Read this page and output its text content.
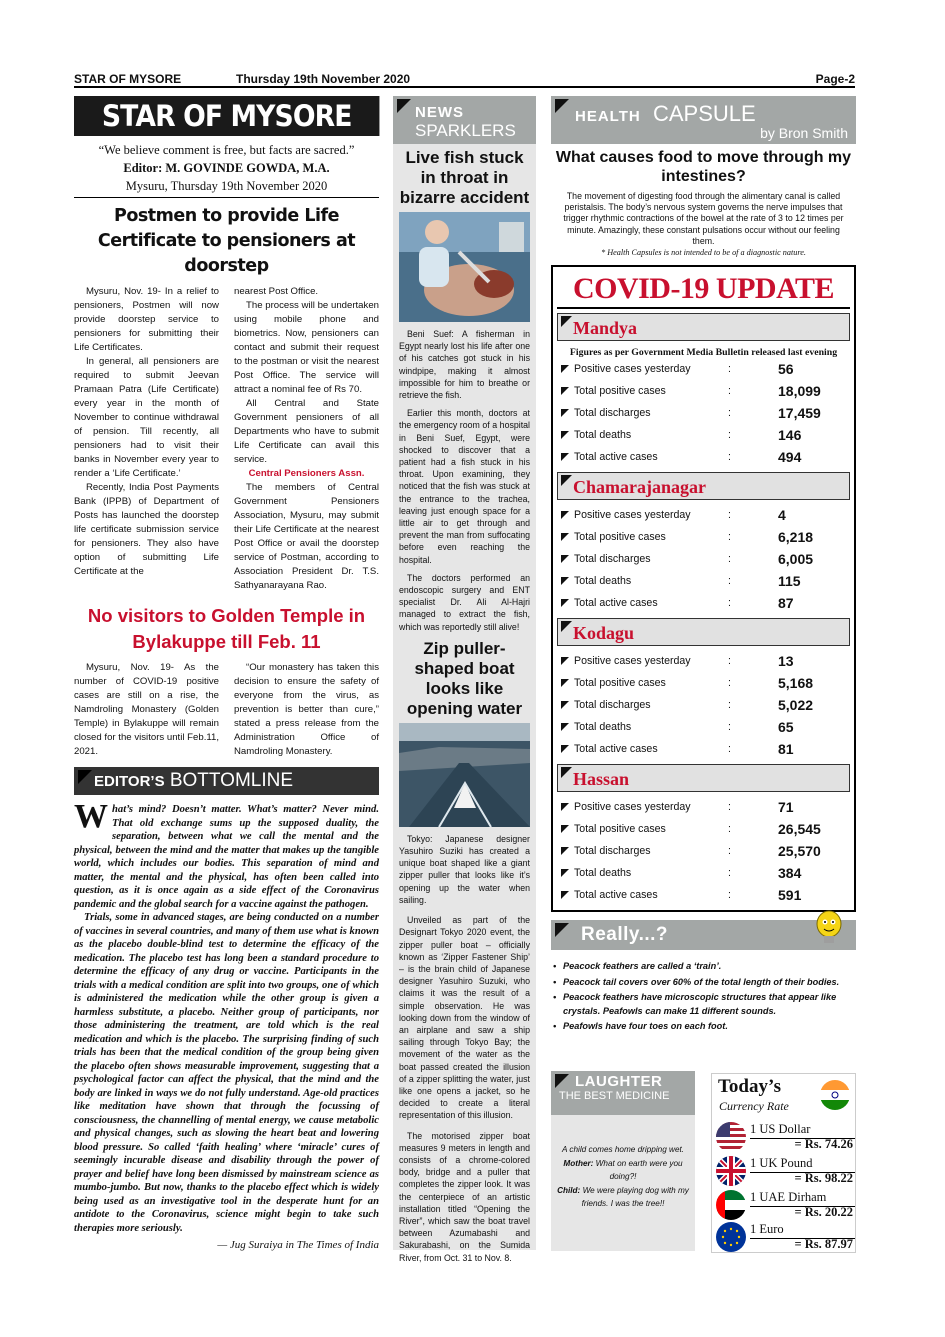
STAR OF MYSORE	Thursday 19th November 2020	Page-2
STAR OF MYSORE
“We believe comment is free, but facts are sacred.”
Editor: M. GOVINDE GOWDA, M.A.
Mysuru, Thursday 19th November 2020
Postmen to provide Life Certificate to pensioners at doorstep

Mysuru, Nov. 19- In a relief to pensioners, Postmen will now provide doorstep service to pensioners for submitting their Life Certificates.

In general, all pensioners are required to submit Jeevan Pramaan Patra (Life Certificate) every year in the month of November to continue withdrawal of pension. Till recently, all pensioners had to visit their banks in November every year to render a ‘Life Certificate.’

Recently, India Post Payments Bank (IPPB) of Department of Posts has launched the doorstep life certificate submission service for pensioners. They also have option of submitting Life Certificate at the

nearest Post Office.

The process will be undertaken using mobile phone and biometrics. Now, pensioners can contact and submit their request to the postman or visit the nearest Post Office. The service will attract a nominal fee of Rs 70.

All Central and State Government pensioners of all Departments who have to submit Life Certificate can avail this service.

Central Pensioners Assn.

The members of Central Government Pensioners Association, Mysuru, may submit their Life Certificate at the nearest Post Office or avail the doorstep service of Postman, according to Association President Dr. T.S. Sathyanarayana Rao.

No visitors to Golden Temple in Bylakuppe till Feb. 11

Mysuru, Nov. 19- As the number of COVID-19 positive cases are still on a rise, the Namdroling Monastery (Golden Temple) in Bylakuppe will remain closed for the visitors until Feb.11, 2021.

“Our monastery has taken this decision to ensure the safety of everyone from the virus, as prevention is better than cure,” stated a press release from the Administration Office of Namdroling Monastery.

EDITOR’S BOTTOMLINE

What’s mind? Doesn’t matter. What’s matter? Never mind. That old exchange sums up the supposed duality, the separation, between what we call the mental and the physical, between the mind and the matter that makes up the tangible world, which includes our bodies. This separation of mind and matter, the mental and the physical, has often been called into question, as it is once again as a side effect of the Coronavirus pandemic and the global search for a vaccine against the pathogen.

Trials, some in advanced stages, are being conducted on a number of vaccines in several countries, and many of them use what is known as the placebo double-blind test to determine the efficacy of the medication. The placebo test has long been a standard procedure to determine the efficacy of any drug or vaccine. Participants in the trials with a medical condition are split into two groups, one of which is administered the medication while the other group is given a harmless substitute, a placebo. Neither group of participants, nor those administering the treatment, are told which is the real medication and which is the placebo. The surprising finding of such trials has been that the medical condition of the group being given the placebo often shows measurable improvement, suggesting that a psychological factor can affect the physical, that the mind and the body are linked in ways we do not fully understand. Age-old practices like meditation have shown that through the focussing of consciousness, the channelling of mental energy, we cause metabolic and physical changes, such as slowing the heart beat and lowering blood pressure. So called ‘faith healing’ where ‘miracle’ cures of seemingly incurable disease and disability through the power of prayer and belief have long been dismissed by mainstream science as mumbo-jumbo. But now, thanks to the placebo effect which is widely being used as an investigative tool in the desperate hunt for an antidote to the Coronavirus, science might begin to take such therapies more seriously.

— Jug Suraiya in The Times of India
NEWS
SPARKLERS
Live fish stuck in throat in bizarre accident

Beni Suef: A fisherman in Egypt nearly lost his life after one of his catches got stuck in his windpipe, making it almost impossible for him to breathe or retrieve the fish.

Earlier this month, doctors at the emergency room of a hospital in Beni Suef, Egypt, were shocked to discover that a patient had a fish stuck in his throat. Upon examining, they noticed that the fish was stuck at the entrance to the trachea, leaving just enough space for a little air to get through and prevent the man from suffocating before even reaching the hospital.

The doctors performed an endoscopic surgery and ENT specialist Dr. Ali Al-Hajri managed to extract the fish, which was reportedly still alive!

Zip puller-shaped boat looks like opening water

Tokyo: Japanese designer Yasuhiro Suziki has created a unique boat shaped like a giant zipper puller that looks like it’s opening up the water when sailing.

Unveiled as part of the Designart Tokyo 2020 event, the zipper puller boat – officially known as ‘Zipper Fastener Ship’ – is the brain child of Japanese designer Yasuhiro Suzuki, who claims it was the result of a simple observation. He was looking down from the window of an airplane and saw a ship sailing through Tokyo Bay; the movement of the water as the boat passed created the illusion of a zipper splitting the water, just like one opens a jacket, so he decided to create a literal representation of this illusion.

The motorised zipper boat measures 9 meters in length and consists of a chrome-colored body, bridge and a puller that completes the zipper look. It was the centerpiece of an artistic installation titled “Opening the River”, which saw the boat travel between Azumabashi and Sakurabashi, on the Sumida River, from Oct. 31 to Nov. 8.

HEALTH CAPSULE
by Bron Smith
What causes food to move through my intestines?
The movement of digesting food through the alimentary canal is called peristalsis. The body’s nervous system governs the nerve impulses that trigger rhythmic contractions of the bowel at the rate of 3 to 12 times per minute. Amazingly, these constant pulsations occur without our feeling them.
* Health Capsules is not intended to be of a diagnostic nature.
COVID-19 UPDATE
Mandya
Figures as per Government Media Bulletin released last evening
Positive cases yesterday	:	56
Total positive cases	:	18,099
Total discharges	:	17,459
Total deaths	:	146
Total active cases	:	494
Chamarajanagar
Positive cases yesterday	:	4
Total positive cases	:	6,218
Total discharges	:	6,005
Total deaths	:	115
Total active cases	:	87
Kodagu
Positive cases yesterday	:	13
Total positive cases	:	5,168
Total discharges	:	5,022
Total deaths	:	65
Total active cases	:	81
Hassan
Positive cases yesterday	:	71
Total positive cases	:	26,545
Total discharges	:	25,570
Total deaths	:	384
Total active cases	:	591
Really...?
• Peacock feathers are called a ‘train’.
• Peacock tail covers over 60% of the total length of their bodies.
• Peacock feathers have microscopic structures that appear like crystals. Peafowls can make 11 different sounds.
• Peafowls have four toes on each foot.
LAUGHTER
THE BEST MEDICINE
A child comes home dripping wet.
Mother: What on earth were you doing?!
Child: We were playing dog with my friends. I was the tree!!
Today’s
Currency Rate
1 US Dollar
= Rs. 74.26
1 UK Pound
= Rs. 98.22
1 UAE Dirham
= Rs. 20.22
1 Euro
= Rs. 87.97
